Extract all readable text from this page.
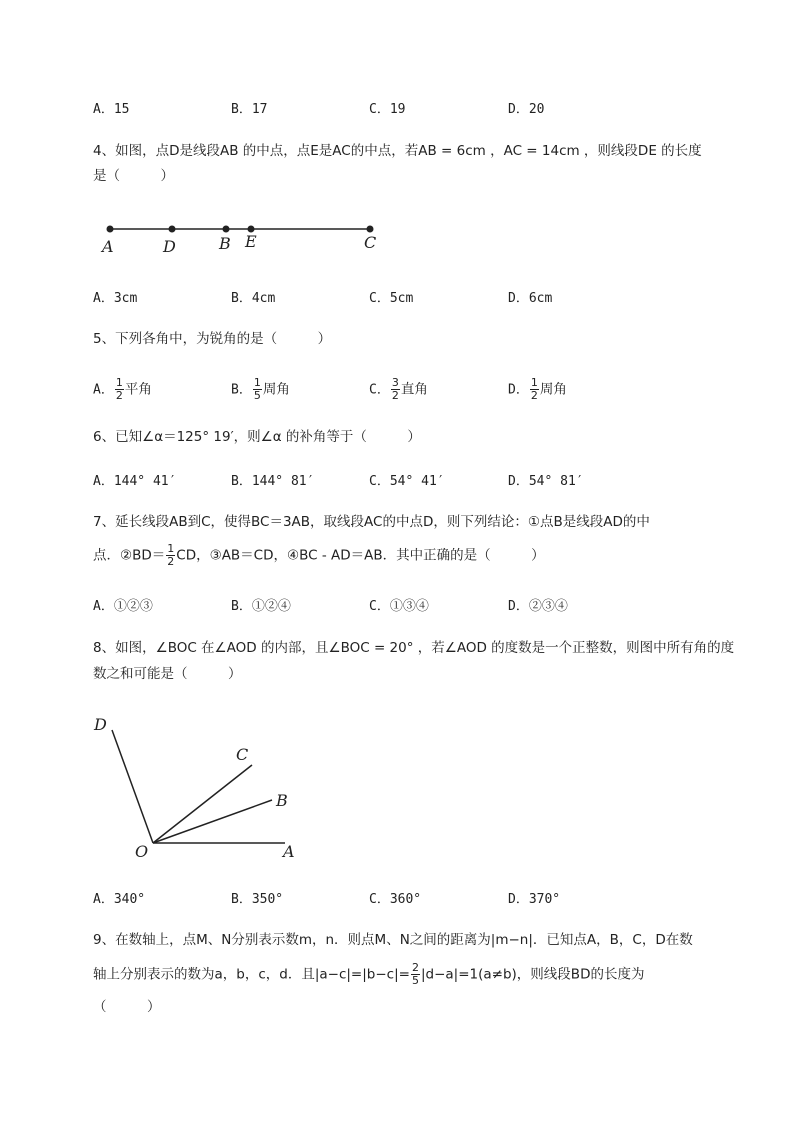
A．15	B．17	C．19	D．20
4、如图，点D是线段AB 的中点，点E是AC的中点，若AB = 6cm ，AC = 14cm ，则线段DE 的长度
是（　　　）
A	D	B E	C
D
C
B
O	A
A．3cm	B．4cm	C．5cm	D．6cm
5、下列各角中，为锐角的是（　　　）
A． $\frac{1}{2}$ 平角	B． $\frac{1}{5}$ 周角	C． $\frac{3}{2}$ 直角	D． $\frac{1}{2}$ 周角
6、已知∠α＝125° 19′，则∠α 的补角等于（　　　）
A．144° 41′	B．144° 81′	C．54° 41′	D．54° 81′
7、延长线段AB到C，使得BC＝3AB，取线段AC的中点D，则下列结论：①点B是线段AD的中
点．②BD＝ $\frac{1}{2}$ CD，③AB＝CD，④BC - AD＝AB．其中正确的是（　　　）
A．①②③	B．①②④	C．①③④	D．②③④
8、如图，∠BOC 在∠AOD 的内部，且∠BOC = 20° ，若∠AOD 的度数是一个正整数，则图中所有角的度
数之和可能是（　　　）
A．340°	B．350°	C．360°	D．370°
9、在数轴上，点M、N分别表示数m，n．则点M、N之间的距离为|m−n|．已知点A，B，C，D在数
轴上分别表示的数为a，b，c，d．且$|a-c|=|b-c|= \frac{2}{5} |d-a|=1(a\ne b)$，则线段BD的长度为
（　　　）
